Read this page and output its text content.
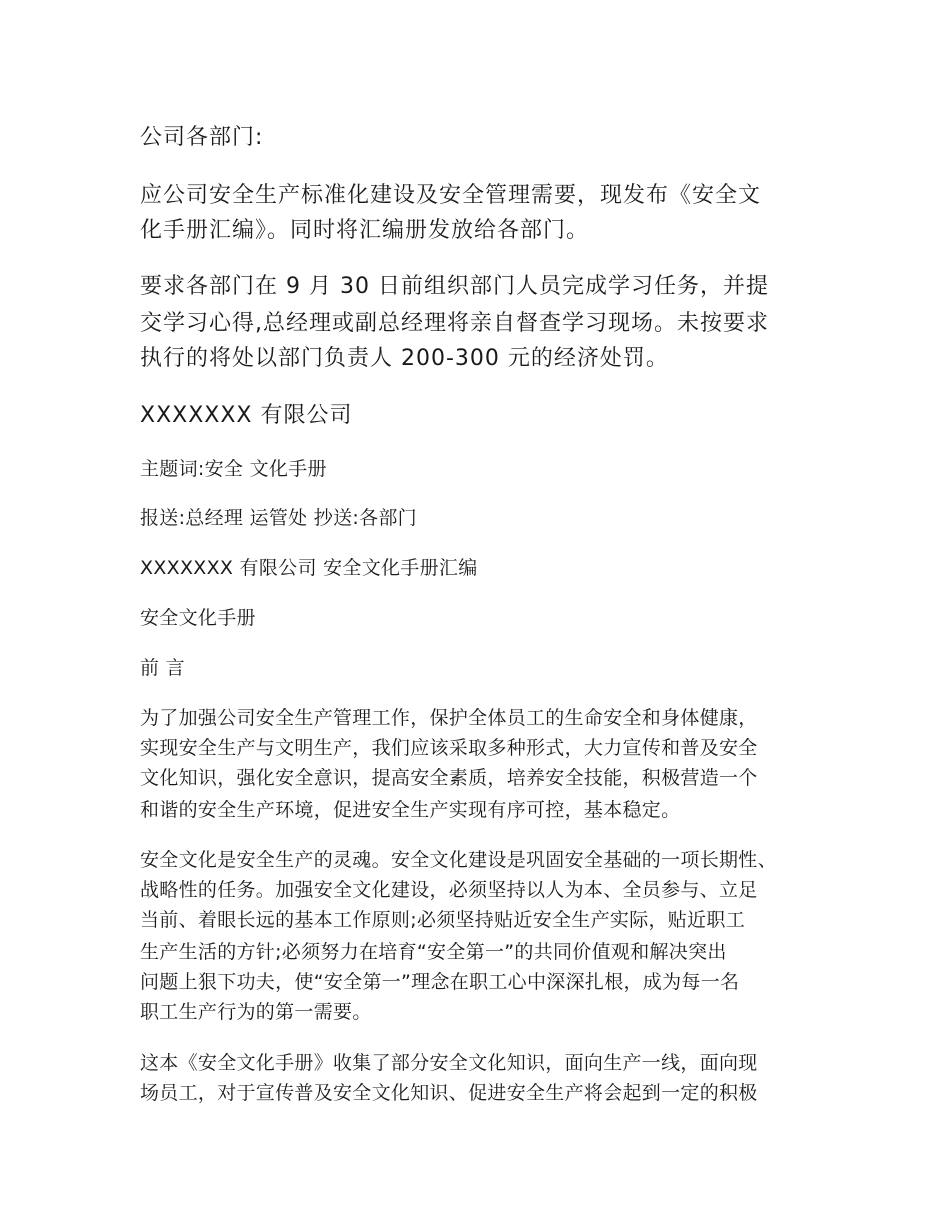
公司各部门:

应公司安全生产标准化建设及安全管理需要，现发布《安全文

化手册汇编》。同时将汇编册发放给各部门。

要求各部门在 9 月 30 日前组织部门人员完成学习任务，并提

交学习心得,总经理或副总经理将亲自督查学习现场。未按要求

执行的将处以部门负责人 200-300 元的经济处罚。

XXXXXXX 有限公司

主题词:安全 文化手册

报送:总经理 运管处 抄送:各部门

XXXXXXX 有限公司 安全文化手册汇编

安全文化手册

前 言

为了加强公司安全生产管理工作，保护全体员工的生命安全和身体健康，

实现安全生产与文明生产，我们应该采取多种形式，大力宣传和普及安全

文化知识，强化安全意识，提高安全素质，培养安全技能，积极营造一个

和谐的安全生产环境，促进安全生产实现有序可控，基本稳定。

安全文化是安全生产的灵魂。安全文化建设是巩固安全基础的一项长期性、

战略性的任务。加强安全文化建设，必须坚持以人为本、全员参与、立足

当前、着眼长远的基本工作原则;必须坚持贴近安全生产实际，贴近职工

生产生活的方针;必须努力在培育“安全第一”的共同价值观和解决突出

问题上狠下功夫，使“安全第一”理念在职工心中深深扎根，成为每一名

职工生产行为的第一需要。

这本《安全文化手册》收集了部分安全文化知识，面向生产一线，面向现

场员工，对于宣传普及安全文化知识、促进安全生产将会起到一定的积极
